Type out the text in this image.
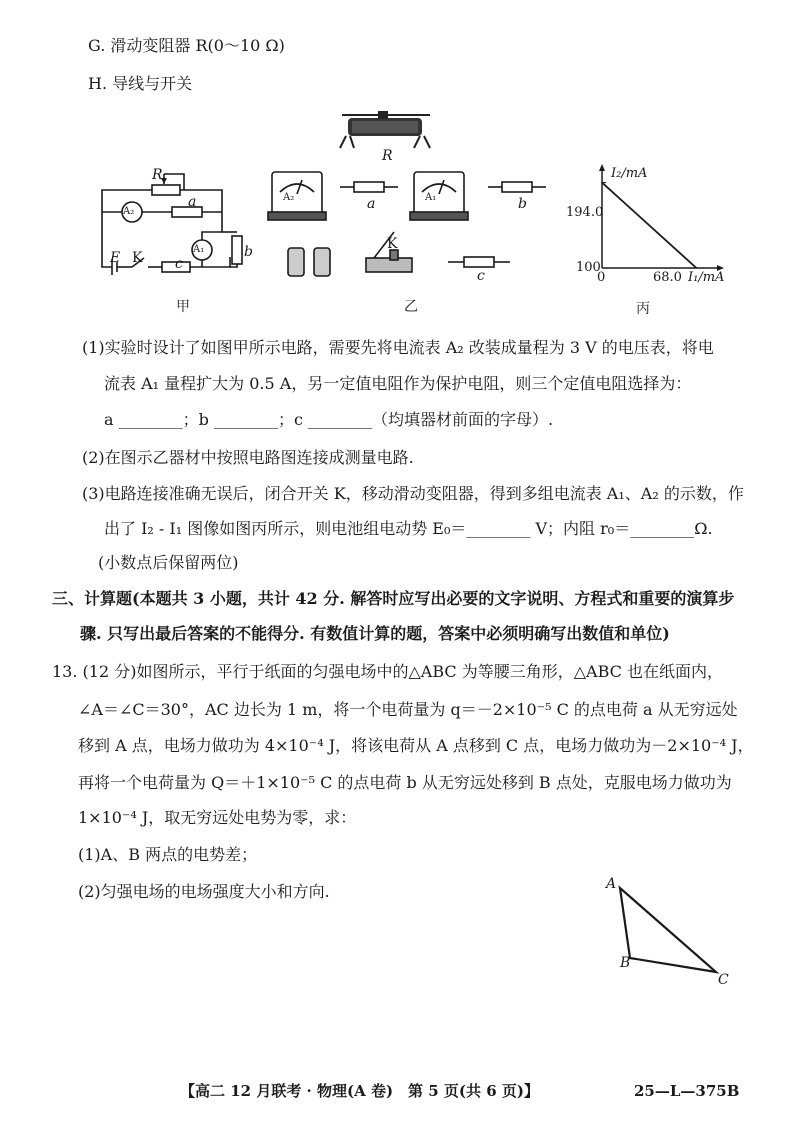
G. 滑动变阻器 R(0～10 Ω)
H. 导线与开关
R
R
A₂
a
A₁	b
E K c
甲
A₂	a	A₁	b
K
c
乙
I₂/mA
194.0
100
0	68.0 I₁/mA
丙
(1)实验时设计了如图甲所示电路，需要先将电流表 A₂ 改装成量程为 3 V 的电压表，将电
流表 A₁ 量程扩大为 0.5 A，另一定值电阻作为保护电阻，则三个定值电阻选择为：
a ________；b ________；c ________（均填器材前面的字母）.
(2)在图示乙器材中按照电路图连接成测量电路.
(3)电路连接准确无误后，闭合开关 K，移动滑动变阻器，得到多组电流表 A₁、A₂ 的示数，作
出了 I₂ - I₁ 图像如图丙所示，则电池组电动势 E₀＝________ V；内阻 r₀＝________Ω.
(小数点后保留两位)
三、计算题(本题共 3 小题，共计 42 分. 解答时应写出必要的文字说明、方程式和重要的演算步
骤. 只写出最后答案的不能得分. 有数值计算的题，答案中必须明确写出数值和单位)
13. (12 分)如图所示，平行于纸面的匀强电场中的△ABC 为等腰三角形，△ABC 也在纸面内，
∠A＝∠C＝30°，AC 边长为 1 m，将一个电荷量为 q＝－2×10⁻⁵ C 的点电荷 a 从无穷远处
移到 A 点，电场力做功为 4×10⁻⁴ J，将该电荷从 A 点移到 C 点，电场力做功为－2×10⁻⁴ J，
再将一个电荷量为 Q＝＋1×10⁻⁵ C 的点电荷 b 从无穷远处移到 B 点处，克服电场力做功为
1×10⁻⁴ J，取无穷远处电势为零，求：
(1)A、B 两点的电势差；
(2)匀强电场的电场强度大小和方向.	A
B
C
【高二 12 月联考 · 物理(A 卷)　第 5 页(共 6 页)】	25—L—375B
